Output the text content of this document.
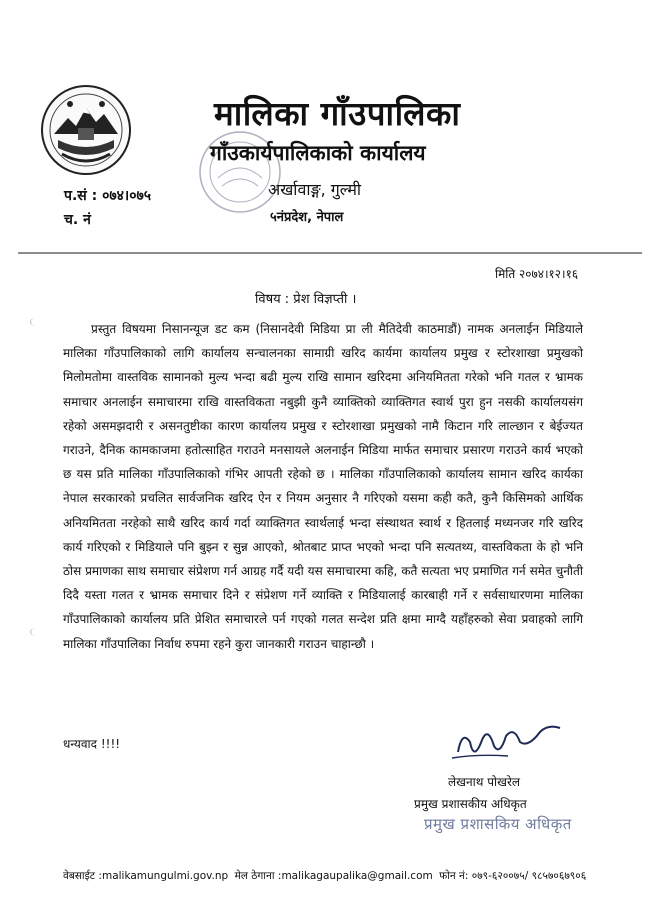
मालिका गाँउपालिका
गाँउकार्यपालिकाको कार्यालय
अर्खावाङ्ग, गुल्मी
५नंप्रदेश, नेपाल
प.सं : ०७४।०७५
च. नं
मिति २०७४।१२।१६
विषय : प्रेश विज्ञप्ती ।

प्रस्तुत विषयमा निसानन्यूज डट कम (निसानदेवी मिडिया प्रा ली मैतिदेवी काठमाडौं) नामक अनलाईन मिडियाले मालिका गाँउपालिकाको लागि कार्यालय सन्चालनका सामाग्री खरिद कार्यमा कार्यालय प्रमुख र स्टोरशाखा प्रमुखको मिलोमतोमा वास्तविक सामानको मुल्य भन्दा बढी मुल्य राखि सामान खरिदमा अनियमितता गरेको भनि गतल र भ्रामक समाचार अनलाईन समाचारमा राखि वास्तविकता नबुझी कुनै व्याक्तिको व्याक्तिगत स्वार्थ पुरा हुन नसकी कार्यालयसंग रहेको असमझदारी र असनतुष्टीका कारण कार्यालय प्रमुख र स्टोरशाखा प्रमुखको नामै किटान गरि लाल्छान र बेईज्यत गराउने, दैनिक कामकाजमा हतोत्साहित गराउने मनसायले अलनाईन मिडिया मार्फत समाचार प्रसारण गराउने कार्य भएको छ यस प्रति मालिका गाँउपालिकाको गंभिर आपती रहेको छ । मालिका गाँउपालिकाको कार्यालय सामान खरिद कार्यका नेपाल सरकारको प्रचलित सार्वजनिक खरिद ऐन र नियम अनुसार नै गरिएको यसमा कही कतै, कुनै किसिमको आर्थिक अनियमितता नरहेको साथै खरिद कार्य गर्दा व्याक्तिगत स्वार्थलाई भन्दा संस्थाथत स्वार्थ र हितलाई मध्यनजर गरि खरिद कार्य गरिएको र मिडियाले पनि बुझ्न र सुन्न आएको, श्रोतबाट प्राप्त भएको भन्दा पनि सत्यतथ्य, वास्तविकता के हो भनि ठोस प्रमाणका साथ समाचार संप्रेशण गर्न आग्रह गर्दै यदी यस समाचारमा कहि, कतै सत्यता भए प्रमाणित गर्न समेत चुनौती दिदै यस्ता गलत र भ्रामक समाचार दिने र संप्रेशण गर्ने व्याक्ति र मिडियालाई कारबाही गर्ने र सर्वसाधारणमा मालिका गाँउपालिकाको कार्यालय प्रति प्रेशित समाचारले पर्न गएको गलत सन्देश प्रति क्षमा माग्दै यहाँहरुको सेवा प्रवाहको लागि मालिका गाँउपालिका निर्वाध रुपमा रहने कुरा जानकारी गराउन चाहान्छौ ।

धन्यवाद !!!!
लेखनाथ पोखरेल
प्रमुख प्रशासकीय अधिकृत
प्रमुख प्रशासकिय अधिकृत
वेबसाईट :malikamungulmi.gov.np मेल ठेगाना :malikagaupalika@gmail.com फोन नं: ०७९-६२००७५/ ९८५७०६७९०६
